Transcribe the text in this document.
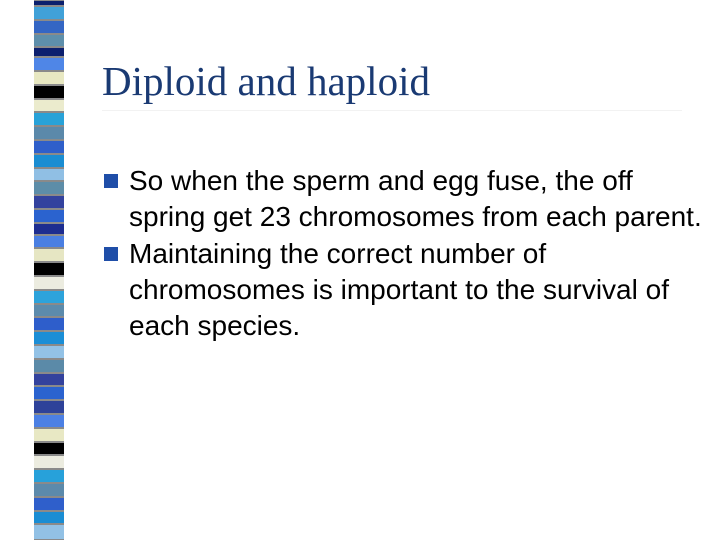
Diploid and haploid
So when the sperm and egg fuse, the off spring get 23 chromosomes from each parent.
Maintaining the correct number of chromosomes is important to the survival of each species.
